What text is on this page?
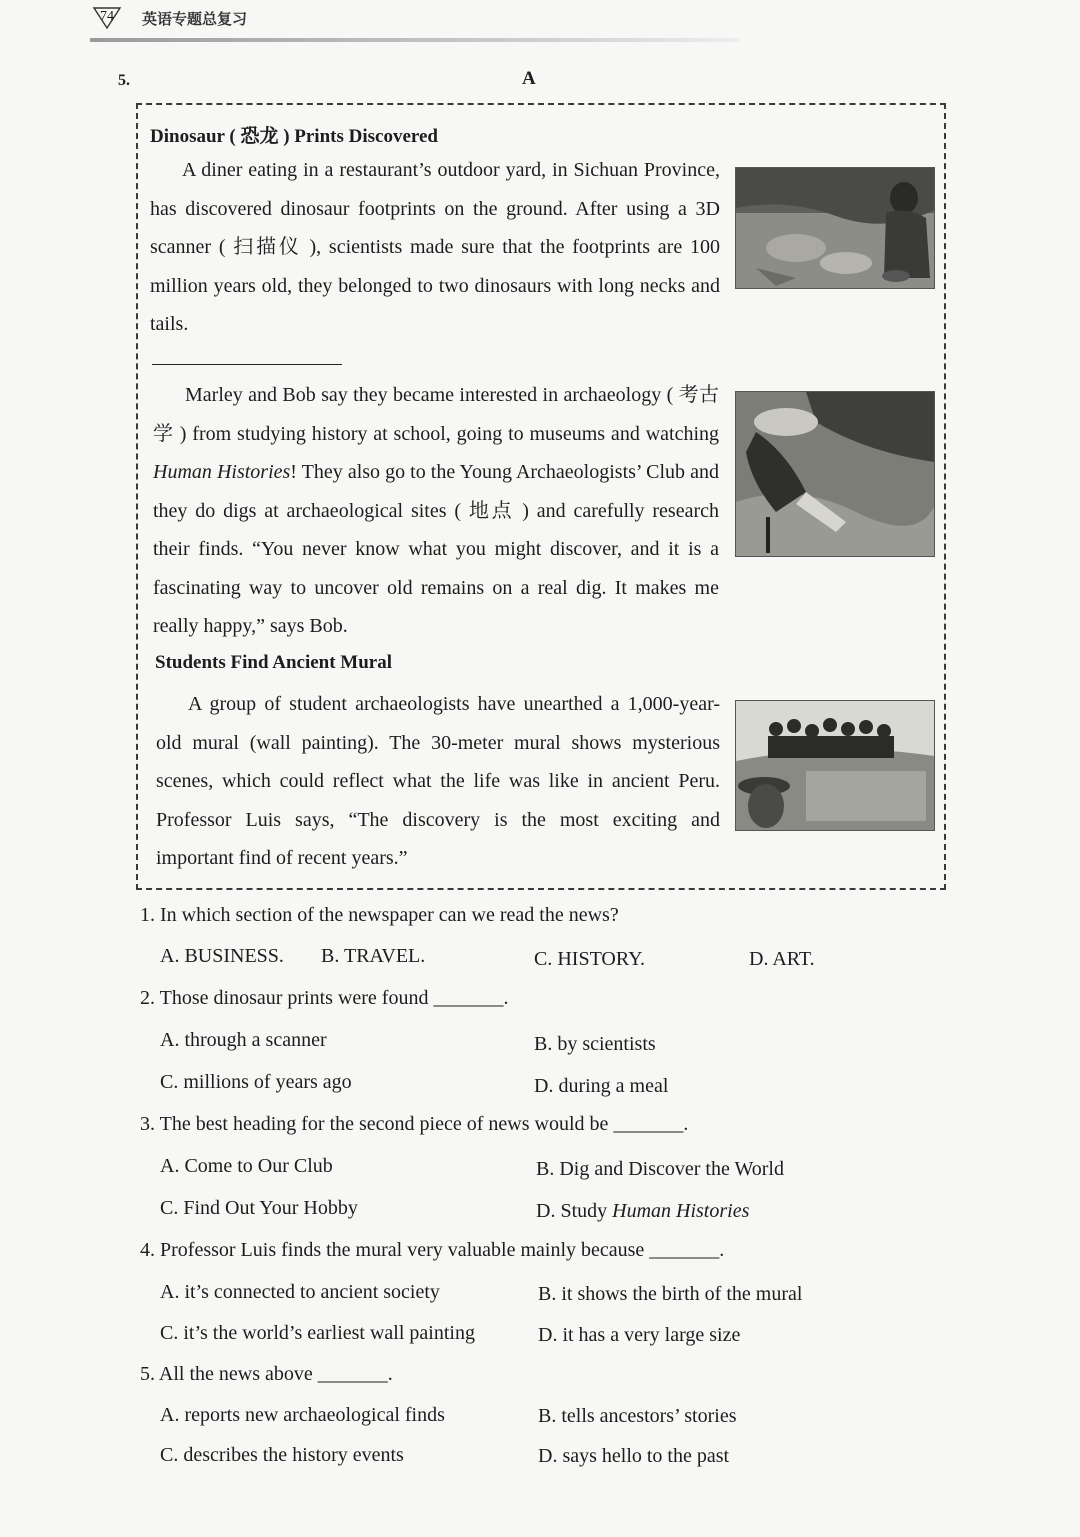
74	英语专题总复习
5.	A
Dinosaur ( 恐龙 ) Prints Discovered

A diner eating in a restaurant’s outdoor yard, in Sichuan Province, has discovered dinosaur footprints on the ground. After using a 3D scanner ( 扫描仪 ), scientists made sure that the footprints are 100 million years old, they belonged to two dinosaurs with long necks and tails.

Marley and Bob say they became interested in archaeology ( 考古学 ) from studying history at school, going to museums and watching Human Histories! They also go to the Young Archaeologists’ Club and they do digs at archaeological sites ( 地点 ) and carefully research their finds. “You never know what you might discover, and it is a fascinating way to uncover old remains on a real dig. It makes me really happy,” says Bob.

Students Find Ancient Mural

A group of student archaeologists have unearthed a 1,000-year-old mural (wall painting). The 30-meter mural shows mysterious scenes, which could reflect what the life was like in ancient Peru. Professor Luis says, “The discovery is the most exciting and important find of recent years.”

1. In which section of the newspaper can we read the news?
A. BUSINESS. B. TRAVEL.	C. HISTORY.	D. ART.
2. Those dinosaur prints were found _______.
A. through a scanner	B. by scientists
C. millions of years ago	D. during a meal
3. The best heading for the second piece of news would be _______.
A. Come to Our Club	B. Dig and Discover the World
C. Find Out Your Hobby	D. Study Human Histories
4. Professor Luis finds the mural very valuable mainly because _______.
A. it’s connected to ancient society	B. it shows the birth of the mural
C. it’s the world’s earliest wall painting	D. it has a very large size
5. All the news above _______.
A. reports new archaeological finds	B. tells ancestors’ stories
C. describes the history events	D. says hello to the past
